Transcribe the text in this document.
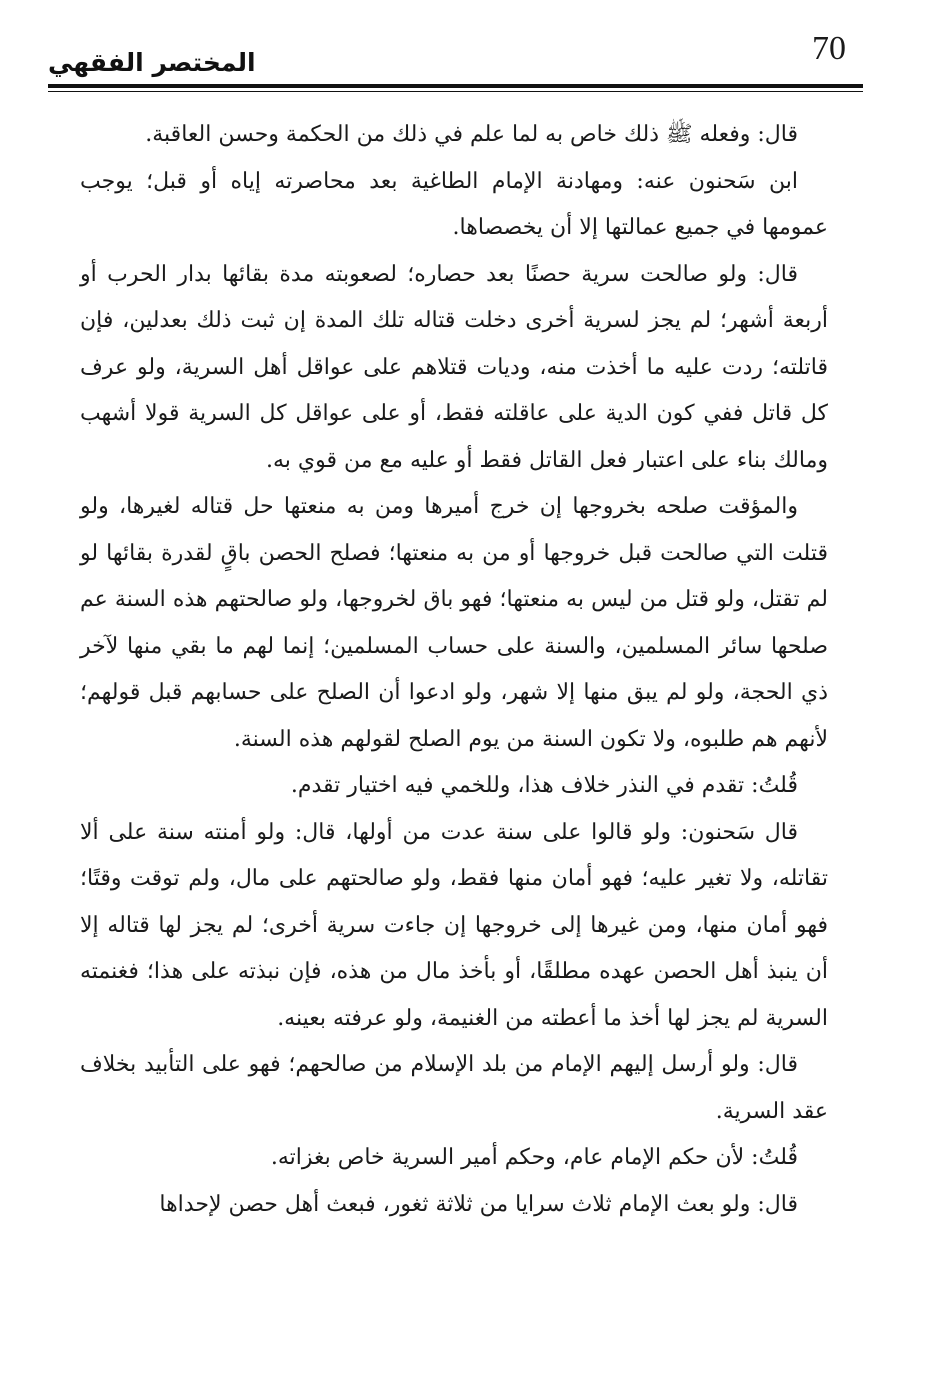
70
المختصر الفقهي

قال: وفعله ﷺ ذلك خاص به لما علم في ذلك من الحكمة وحسن العاقبة.

ابن سَحنون عنه: ومهادنة الإمام الطاغية بعد محاصرته إياه أو قبل؛ يوجب عمومها في جميع عمالتها إلا أن يخصصاها.

قال: ولو صالحت سرية حصنًا بعد حصاره؛ لصعوبته مدة بقائها بدار الحرب أو أربعة أشهر؛ لم يجز لسرية أخرى دخلت قتاله تلك المدة إن ثبت ذلك بعدلين، فإن قاتلته؛ ردت عليه ما أخذت منه، وديات قتلاهم على عواقل أهل السرية، ولو عرف كل قاتل ففي كون الدية على عاقلته فقط، أو على عواقل كل السرية قولا أشهب ومالك بناء على اعتبار فعل القاتل فقط أو عليه مع من قوي به.

والمؤقت صلحه بخروجها إن خرج أميرها ومن به منعتها حل قتاله لغيرها، ولو قتلت التي صالحت قبل خروجها أو من به منعتها؛ فصلح الحصن باقٍ لقدرة بقائها لو لم تقتل، ولو قتل من ليس به منعتها؛ فهو باق لخروجها، ولو صالحتهم هذه السنة عم صلحها سائر المسلمين، والسنة على حساب المسلمين؛ إنما لهم ما بقي منها لآخر ذي الحجة، ولو لم يبق منها إلا شهر، ولو ادعوا أن الصلح على حسابهم قبل قولهم؛ لأنهم هم طلبوه، ولا تكون السنة من يوم الصلح لقولهم هذه السنة.

قُلتُ: تقدم في النذر خلاف هذا، وللخمي فيه اختيار تقدم.

قال سَحنون: ولو قالوا على سنة عدت من أولها، قال: ولو أمنته سنة على ألا تقاتله، ولا تغير عليه؛ فهو أمان منها فقط، ولو صالحتهم على مال، ولم توقت وقتًا؛ فهو أمان منها، ومن غيرها إلى خروجها إن جاءت سرية أخرى؛ لم يجز لها قتاله إلا أن ينبذ أهل الحصن عهده مطلقًا، أو بأخذ مال من هذه، فإن نبذته على هذا؛ فغنمته السرية لم يجز لها أخذ ما أعطته من الغنيمة، ولو عرفته بعينه.

قال: ولو أرسل إليهم الإمام من بلد الإسلام من صالحهم؛ فهو على التأبيد بخلاف عقد السرية.

قُلتُ: لأن حكم الإمام عام، وحكم أمير السرية خاص بغزاته.

قال: ولو بعث الإمام ثلاث سرايا من ثلاثة ثغور، فبعث أهل حصن لإحداها
